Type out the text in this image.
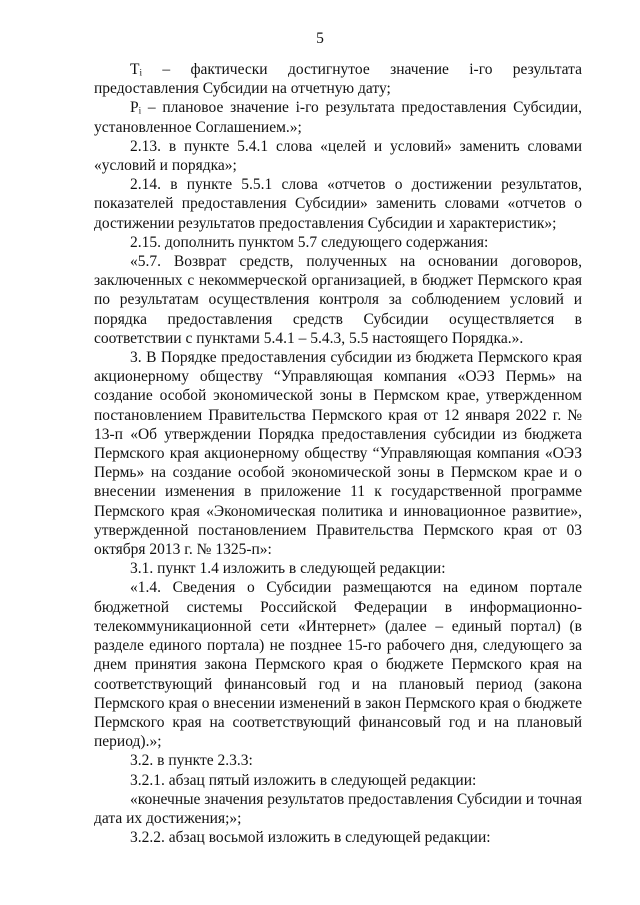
5

Tᵢ – фактически достигнутое значение i-го результата предоставления Субсидии на отчетную дату;

Pᵢ – плановое значение i-го результата предоставления Субсидии, установленное Соглашением.»;

2.13. в пункте 5.4.1 слова «целей и условий» заменить словами «условий и порядка»;

2.14. в пункте 5.5.1 слова «отчетов о достижении результатов, показателей предоставления Субсидии» заменить словами «отчетов о достижении результатов предоставления Субсидии и характеристик»;

2.15. дополнить пунктом 5.7 следующего содержания:

«5.7. Возврат средств, полученных на основании договоров, заключенных с некоммерческой организацией, в бюджет Пермского края по результатам осуществления контроля за соблюдением условий и порядка предоставления средств Субсидии осуществляется в соответствии с пунктами 5.4.1 – 5.4.3, 5.5 настоящего Порядка.».

3. В Порядке предоставления субсидии из бюджета Пермского края акционерному обществу “Управляющая компания «ОЭЗ Пермь» на создание особой экономической зоны в Пермском крае, утвержденном постановлением Правительства Пермского края от 12 января 2022 г. № 13-п «Об утверждении Порядка предоставления субсидии из бюджета Пермского края акционерному обществу “Управляющая компания «ОЭЗ Пермь» на создание особой экономической зоны в Пермском крае и о внесении изменения в приложение 11 к государственной программе Пермского края «Экономическая политика и инновационное развитие», утвержденной постановлением Правительства Пермского края от 03 октября 2013 г. № 1325-п»:

3.1. пункт 1.4 изложить в следующей редакции:

«1.4. Сведения о Субсидии размещаются на едином портале бюджетной системы Российской Федерации в информационно-телекоммуникационной сети «Интернет» (далее – единый портал) (в разделе единого портала) не позднее 15-го рабочего дня, следующего за днем принятия закона Пермского края о бюджете Пермского края на соответствующий финансовый год и на плановый период (закона Пермского края о внесении изменений в закон Пермского края о бюджете Пермского края на соответствующий финансовый год и на плановый период).»;

3.2. в пункте 2.3.3:

3.2.1. абзац пятый изложить в следующей редакции:

«конечные значения результатов предоставления Субсидии и точная дата их достижения;»;

3.2.2. абзац восьмой изложить в следующей редакции:
